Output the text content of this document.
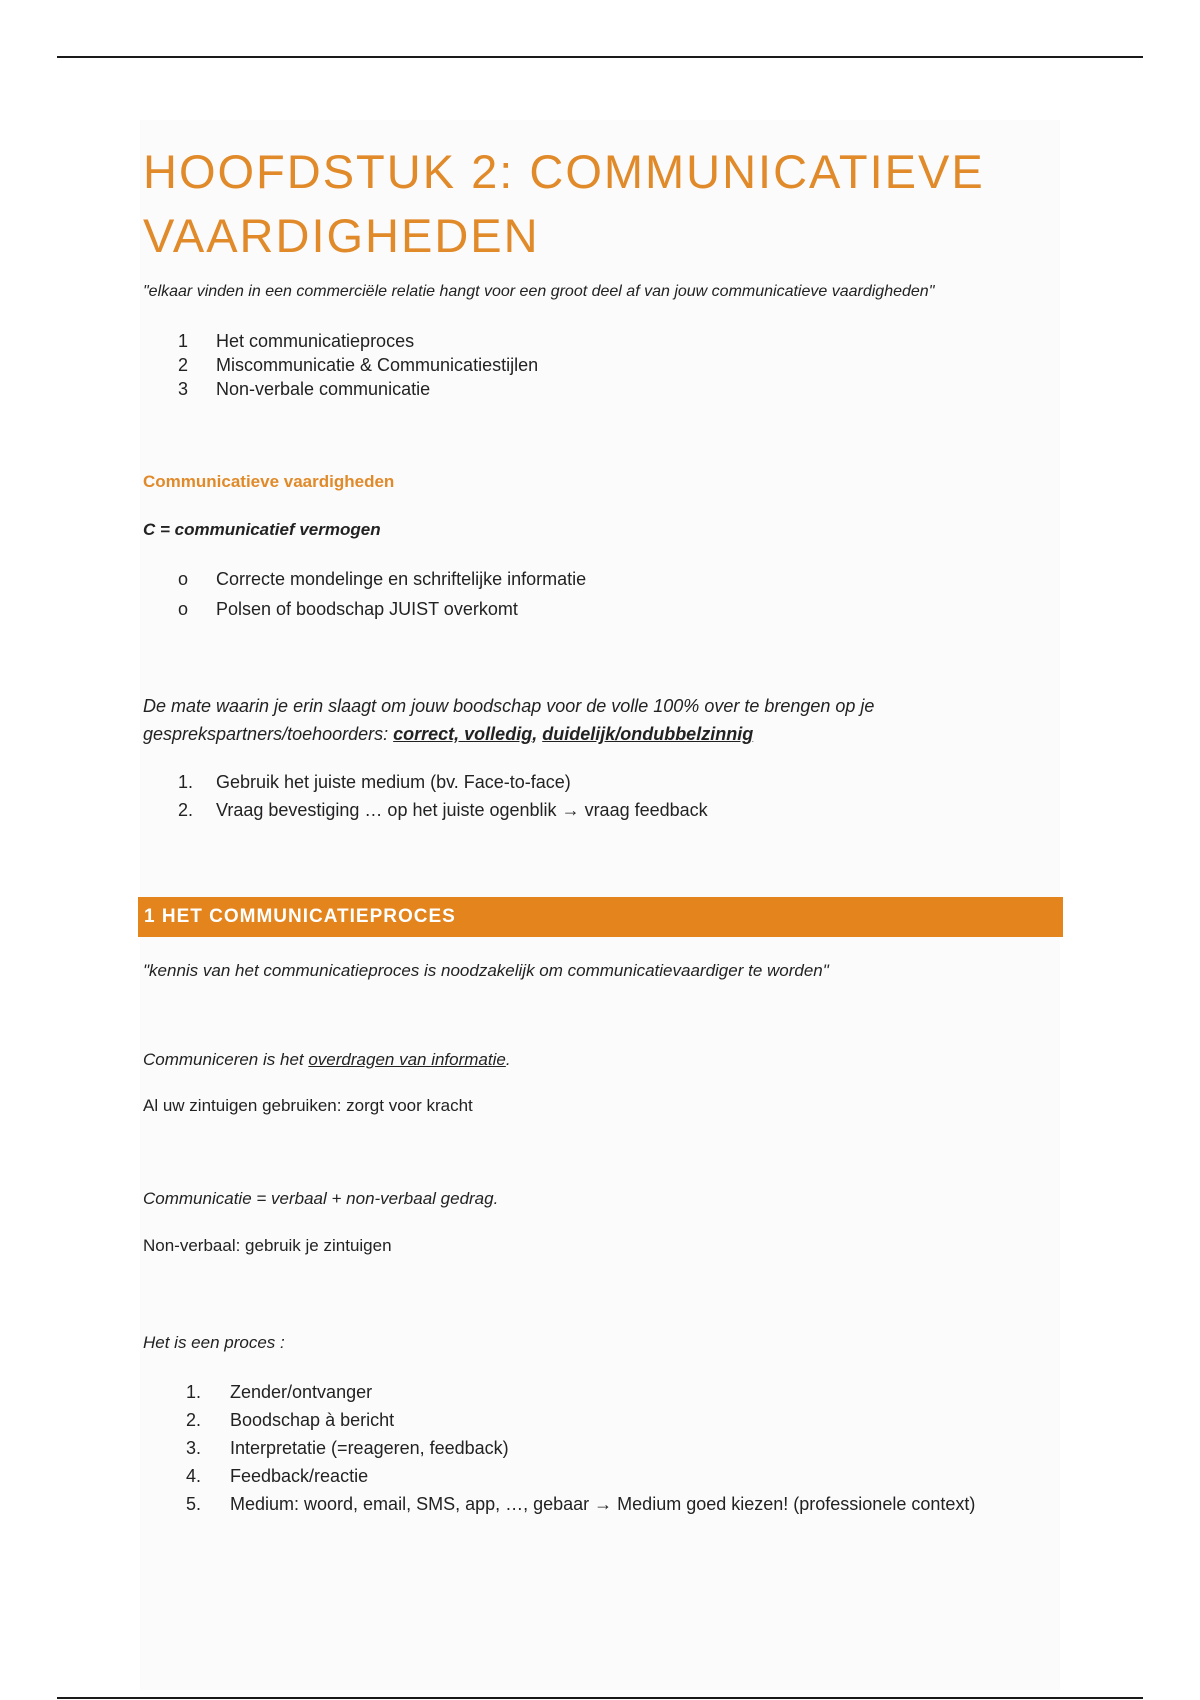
HOOFDSTUK 2: COMMUNICATIEVE
VAARDIGHEDEN
"elkaar vinden in een commerciële relatie hangt voor een groot deel af van jouw communicatieve vaardigheden"
1	Het communicatieproces
2	Miscommunicatie & Communicatiestijlen
3	Non-verbale communicatie
Communicatieve vaardigheden
C = communicatief vermogen
o	Correcte mondelinge en schriftelijke informatie
o	Polsen of boodschap JUIST overkomt
De mate waarin je erin slaagt om jouw boodschap voor de volle 100% over te brengen op je
gesprekspartners/toehoorders: correct, volledig, duidelijk/ondubbelzinnig
1.	Gebruik het juiste medium (bv. Face-to-face)
2.	Vraag bevestiging … op het juiste ogenblik → vraag feedback
1 HET COMMUNICATIEPROCES
"kennis van het communicatieproces is noodzakelijk om communicatievaardiger te worden"
Communiceren is het overdragen van informatie.
Al uw zintuigen gebruiken: zorgt voor kracht
Communicatie = verbaal + non-verbaal gedrag.
Non-verbaal: gebruik je zintuigen
Het is een proces :
1.	Zender/ontvanger
2.	Boodschap à bericht
3.	Interpretatie (=reageren, feedback)
4.	Feedback/reactie
5.	Medium: woord, email, SMS, app, …, gebaar → Medium goed kiezen! (professionele context)
